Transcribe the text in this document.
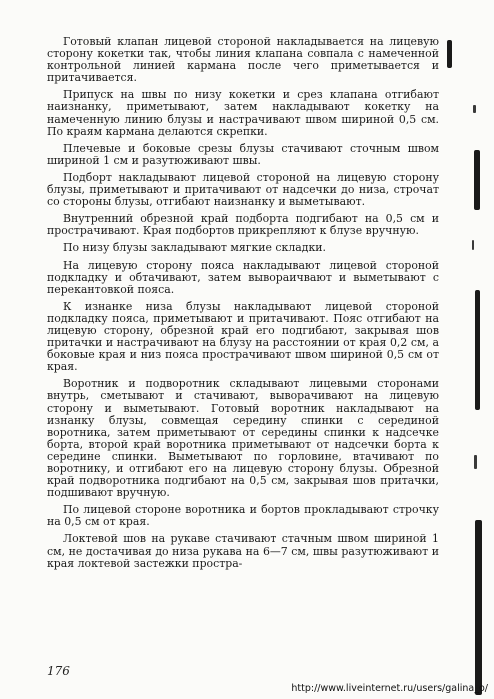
Готовый клапан лицевой стороной накладывается на лицевую сторону кокетки так, чтобы линия клапана совпала с намеченной контрольной линией кармана после чего приметывается и притачивается.

Припуск на швы по низу кокетки и срез клапана отгибают наизнанку, приметывают, затем накладывают кокетку на намеченную линию блузы и настрачивают швом шириной 0,5 см. По краям кармана делаются скрепки.

Плечевые и боковые срезы блузы стачивают сточным швом шириной 1 см и разутюживают швы.

Подборт накладывают лицевой стороной на лицевую сторону блузы, приметывают и притачивают от надсечки до низа, строчат со стороны блузы, отгибают наизнанку и выметывают.

Внутренний обрезной край подборта подгибают на 0,5 см и прострачивают. Края подбортов прикрепляют к блузе вручную.

По низу блузы закладывают мягкие складки.

На лицевую сторону пояса накладывают лицевой стороной подкладку и обтачивают, затем вывораичвают и выметывают с перекантовкой пояса.

К изнанке низа блузы накладывают лицевой стороной подкладку пояса, приметывают и притачивают. Пояс отгибают на лицевую сторону, обрезной край его подгибают, закрывая шов притачки и настрачивают на блузу на расстоянии от края 0,2 см, а боковые края и низ пояса прострачивают швом шириной 0,5 см от края.

Воротник и подворотник складывают лицевыми сторонами внутрь, сметывают и стачивают, выворачивают на лицевую сторону и выметывают. Готовый воротник накладывают на изнанку блузы, совмещая середину спинки с серединой воротника, затем приметывают от середины спинки к надсечке борта, второй край воротника приметывают от надсечки борта к середине спинки. Выметывают по горловине, втачивают по воротнику, и отгибают его на лицевую сторону блузы. Обрезной край подворотника подгибают на 0,5 см, закрывая шов притачки, подшивают вручную.

По лицевой стороне воротника и бортов прокладывают строчку на 0,5 см от края.

Локтевой шов на рукаве стачивают стачным швом шириной 1 см, не достачивая до низа рукава на 6—7 см, швы разутюживают и края локтевой застежки простра-

176
http://www.liveinternet.ru/users/galina_o/
